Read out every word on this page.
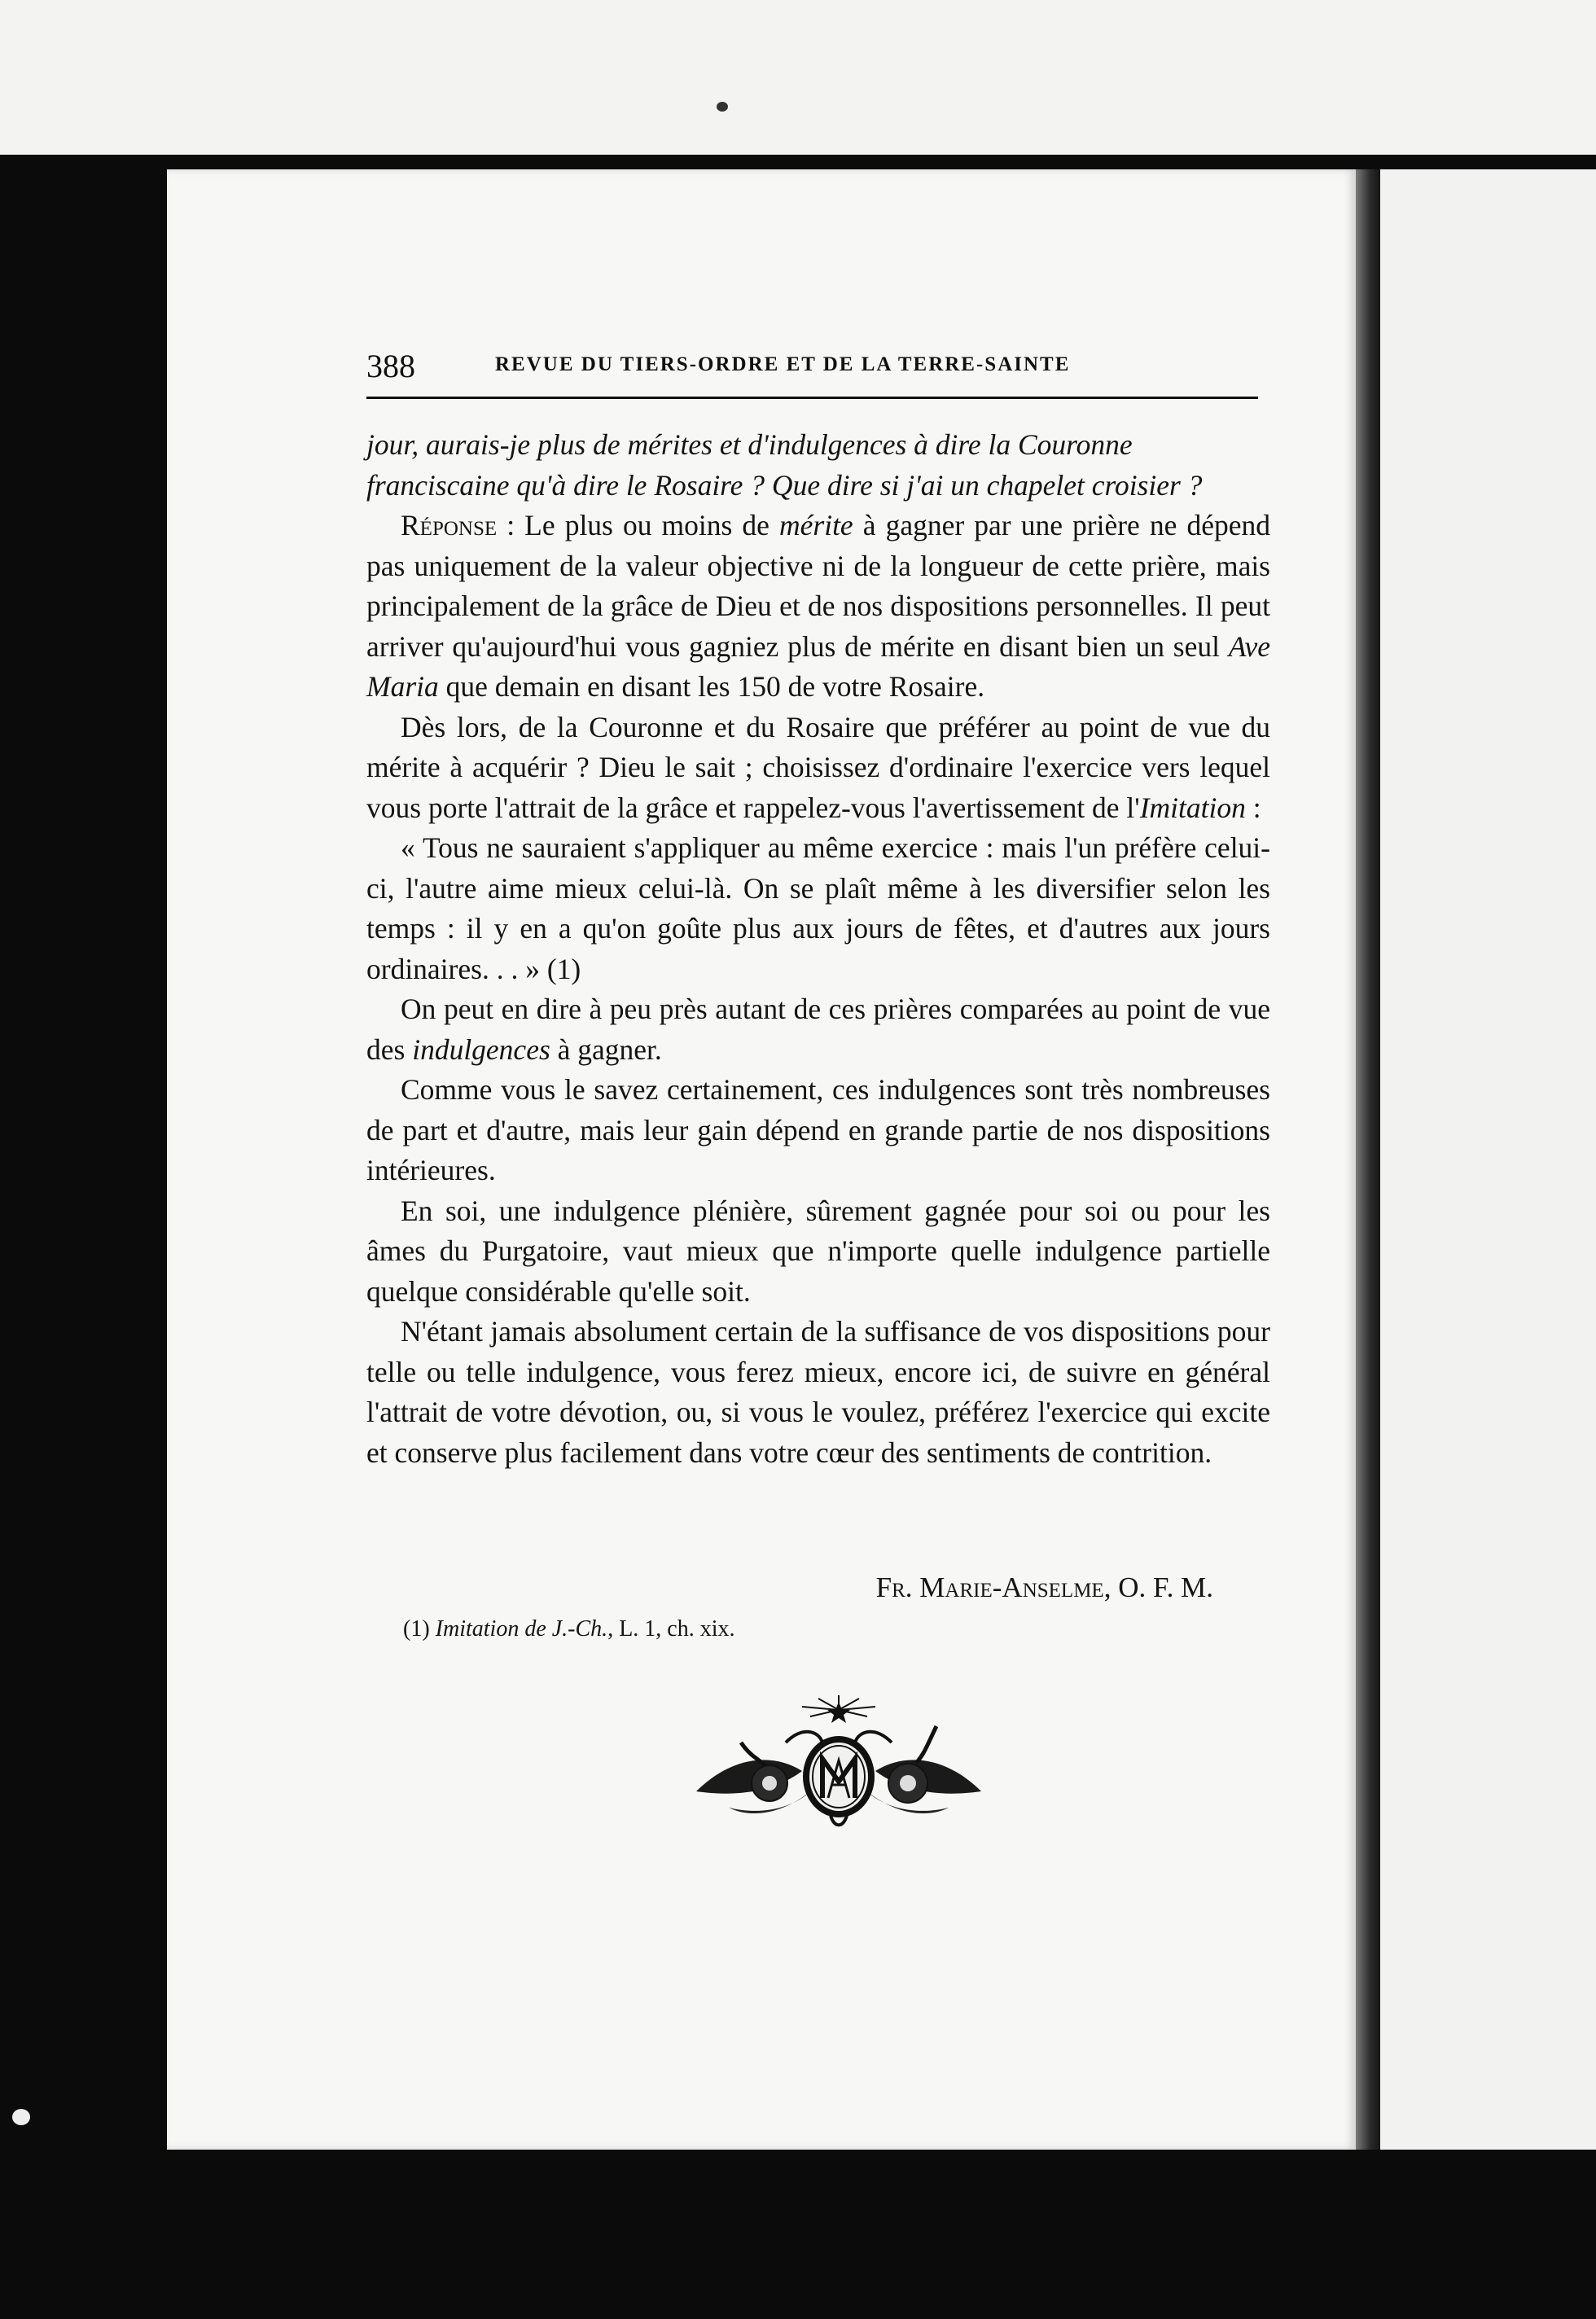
388	REVUE DU TIERS-ORDRE ET DE LA TERRE-SAINTE

jour, aurais-je plus de mérites et d'indulgences à dire la Couronne
franciscaine qu'à dire le Rosaire ? Que dire si j'ai un chapelet croisier ?

Réponse : Le plus ou moins de mérite à gagner par une prière ne dépend pas uniquement de la valeur objective ni de la longueur de cette prière, mais principalement de la grâce de Dieu et de nos dispositions personnelles. Il peut arriver qu'aujourd'hui vous gagniez plus de mérite en disant bien un seul Ave Maria que demain en disant les 150 de votre Rosaire.

Dès lors, de la Couronne et du Rosaire que préférer au point de vue du mérite à acquérir ? Dieu le sait ; choisissez d'ordinaire l'exercice vers lequel vous porte l'attrait de la grâce et rappelez-vous l'avertissement de l'Imitation :

« Tous ne sauraient s'appliquer au même exercice : mais l'un préfère celui-ci, l'autre aime mieux celui-là. On se plaît même à les diversifier selon les temps : il y en a qu'on goûte plus aux jours de fêtes, et d'autres aux jours ordinaires. . . » (1)

On peut en dire à peu près autant de ces prières comparées au point de vue des indulgences à gagner.

Comme vous le savez certainement, ces indulgences sont très nombreuses de part et d'autre, mais leur gain dépend en grande partie de nos dispositions intérieures.

En soi, une indulgence plénière, sûrement gagnée pour soi ou pour les âmes du Purgatoire, vaut mieux que n'importe quelle indulgence partielle quelque considérable qu'elle soit.

N'étant jamais absolument certain de la suffisance de vos dispositions pour telle ou telle indulgence, vous ferez mieux, encore ici, de suivre en général l'attrait de votre dévotion, ou, si vous le voulez, préférez l'exercice qui excite et conserve plus facilement dans votre cœur des sentiments de contrition.

Fr. Marie-Anselme, O. F. M.
(1) Imitation de J.-Ch., L. 1, ch. xix.
